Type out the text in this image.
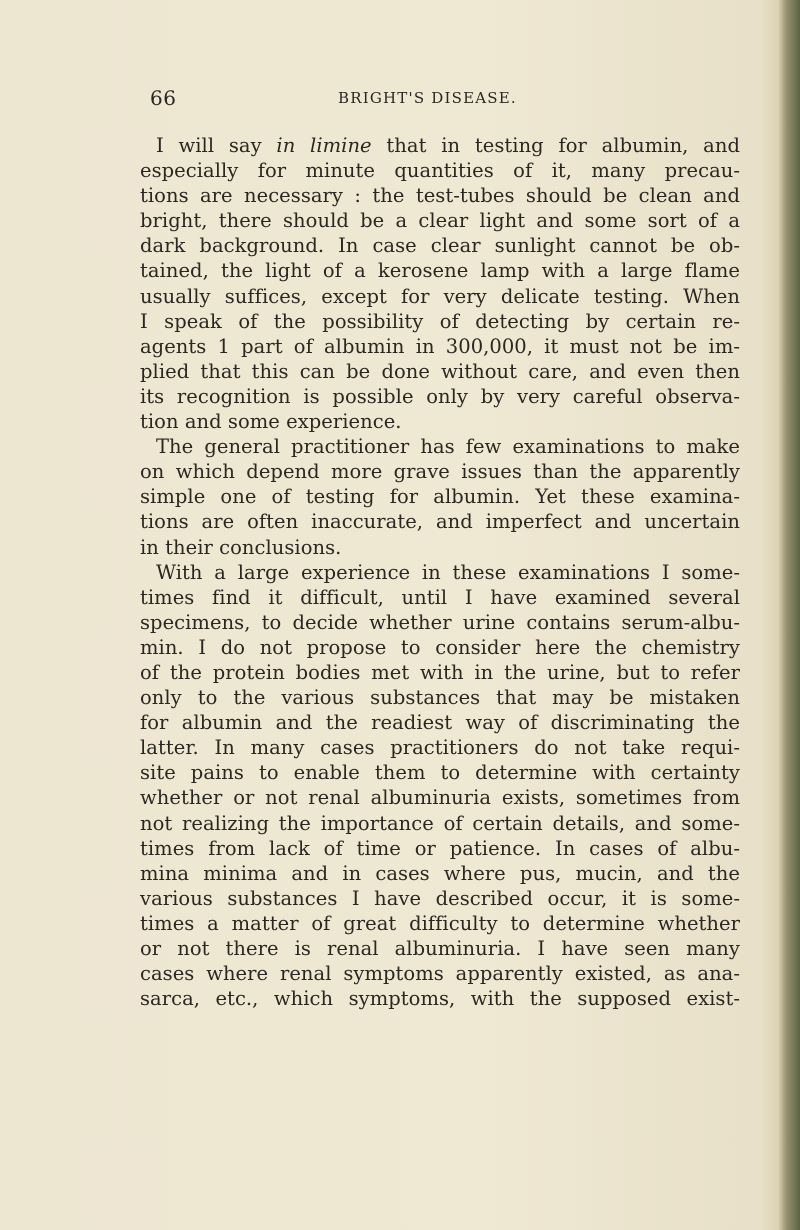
66	BRIGHT'S DISEASE.
I will say in limine that in testing for albumin, and
especially for minute quantities of it, many precau-
tions are necessary : the test-tubes should be clean and
bright, there should be a clear light and some sort of a
dark background. In case clear sunlight cannot be ob-
tained, the light of a kerosene lamp with a large flame
usually suffices, except for very delicate testing. When
I speak of the possibility of detecting by certain re-
agents 1 part of albumin in 300,000, it must not be im-
plied that this can be done without care, and even then
its recognition is possible only by very careful observa-
tion and some experience.
The general practitioner has few examinations to make
on which depend more grave issues than the apparently
simple one of testing for albumin. Yet these examina-
tions are often inaccurate, and imperfect and uncertain
in their conclusions.
With a large experience in these examinations I some-
times find it difficult, until I have examined several
specimens, to decide whether urine contains serum-albu-
min. I do not propose to consider here the chemistry
of the protein bodies met with in the urine, but to refer
only to the various substances that may be mistaken
for albumin and the readiest way of discriminating the
latter. In many cases practitioners do not take requi-
site pains to enable them to determine with certainty
whether or not renal albuminuria exists, sometimes from
not realizing the importance of certain details, and some-
times from lack of time or patience. In cases of albu-
mina minima and in cases where pus, mucin, and the
various substances I have described occur, it is some-
times a matter of great difficulty to determine whether
or not there is renal albuminuria. I have seen many
cases where renal symptoms apparently existed, as ana-
sarca, etc., which symptoms, with the supposed exist-
